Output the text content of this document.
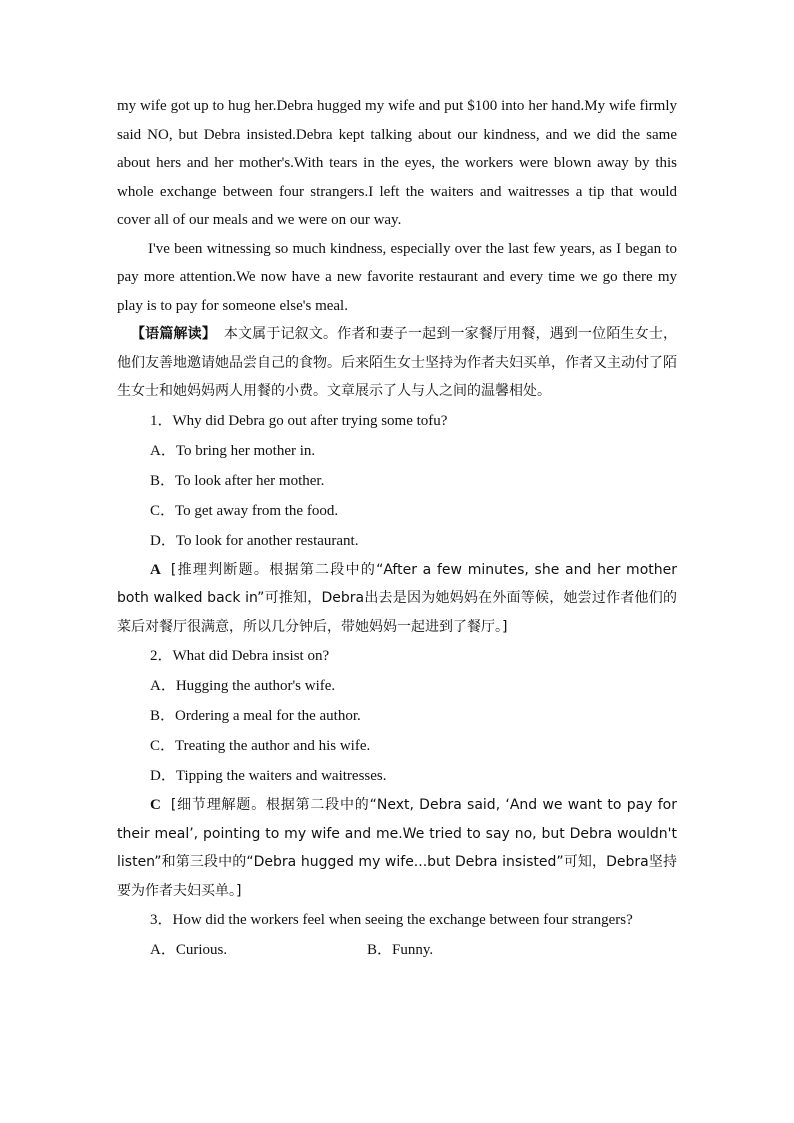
my wife got up to hug her.Debra hugged my wife and put $100 into her hand.My wife firmly said NO, but Debra insisted.Debra kept talking about our kindness, and we did the same about hers and her mother's.With tears in the eyes, the workers were blown away by this whole exchange between four strangers.I left the waiters and waitresses a tip that would cover all of our meals and we were on our way.

I've been witnessing so much kindness, especially over the last few years, as I began to pay more attention.We now have a new favorite restaurant and every time we go there my play is to pay for someone else's meal.

【语篇解读】 本文属于记叙文。作者和妻子一起到一家餐厅用餐，遇到一位陌生女士，他们友善地邀请她品尝自己的食物。后来陌生女士坚持为作者夫妇买单，作者又主动付了陌生女士和她妈妈两人用餐的小费。文章展示了人与人之间的温馨相处。

1．Why did Debra go out after trying some tofu?

A．To bring her mother in.

B．To look after her mother.

C．To get away from the food.

D．To look for another restaurant.

A [推理判断题。根据第二段中的“After a few minutes, she and her mother both walked back in”可推知，Debra出去是因为她妈妈在外面等候，她尝过作者他们的菜后对餐厅很满意，所以几分钟后，带她妈妈一起进到了餐厅。]

2．What did Debra insist on?

A．Hugging the author's wife.

B．Ordering a meal for the author.

C．Treating the author and his wife.

D．Tipping the waiters and waitresses.

C [细节理解题。根据第二段中的“Next, Debra said, ‘And we want to pay for their meal’, pointing to my wife and me.We tried to say no, but Debra wouldn't listen”和第三段中的“Debra hugged my wife...but Debra insisted”可知，Debra坚持要为作者夫妇买单。]

3．How did the workers feel when seeing the exchange between four strangers?

A．Curious.	B．Funny.
